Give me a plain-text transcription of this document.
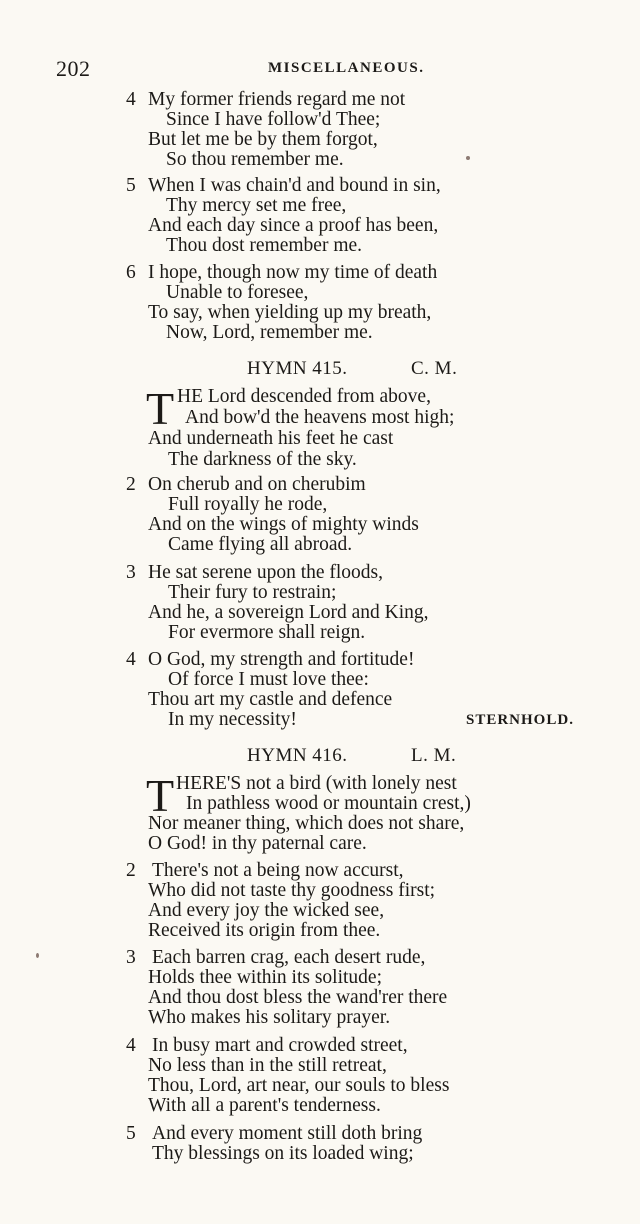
202	MISCELLANEOUS.
4 My former friends regard me not
Since I have follow'd Thee;
But let me be by them forgot,
So thou remember me.
5 When I was chain'd and bound in sin,
Thy mercy set me free,
And each day since a proof has been,
Thou dost remember me.
6 I hope, though now my time of death
Unable to foresee,
To say, when yielding up my breath,
Now, Lord, remember me.
HYMN 415.	C. M.
T HE Lord descended from above,
And bow'd the heavens most high;
And underneath his feet he cast
The darkness of the sky.
2 On cherub and on cherubim
Full royally he rode,
And on the wings of mighty winds
Came flying all abroad.
3 He sat serene upon the floods,
Their fury to restrain;
And he, a sovereign Lord and King,
For evermore shall reign.
4 O God, my strength and fortitude!
Of force I must love thee:
Thou art my castle and defence
In my necessity!	STERNHOLD.
HYMN 416.	L. M.
T HERE'S not a bird (with lonely nest
In pathless wood or mountain crest,)
Nor meaner thing, which does not share,
O God! in thy paternal care.
2 There's not a being now accurst,
Who did not taste thy goodness first;
And every joy the wicked see,
Received its origin from thee.
3 Each barren crag, each desert rude,
Holds thee within its solitude;
And thou dost bless the wand'rer there
Who makes his solitary prayer.
4 In busy mart and crowded street,
No less than in the still retreat,
Thou, Lord, art near, our souls to bless
With all a parent's tenderness.
5 And every moment still doth bring
Thy blessings on its loaded wing;
